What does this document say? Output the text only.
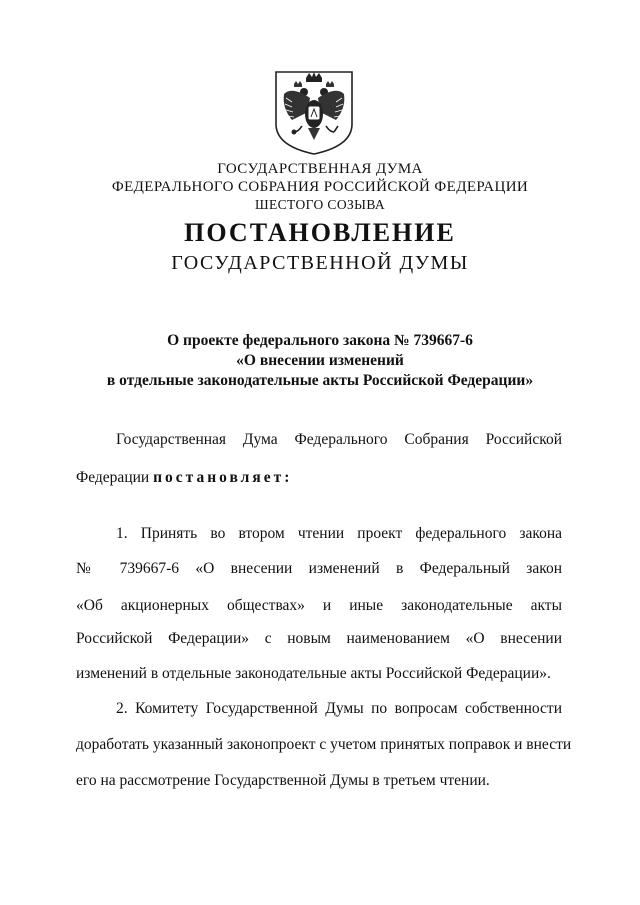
ГОСУДАРСТВЕННАЯ ДУМА
ФЕДЕРАЛЬНОГО СОБРАНИЯ РОССИЙСКОЙ ФЕДЕРАЦИИ
ШЕСТОГО СОЗЫВА
ПОСТАНОВЛЕНИЕ
ГОСУДАРСТВЕННОЙ ДУМЫ
О проекте федерального закона № 739667-6
«О внесении изменений
в отдельные законодательные акты Российской Федерации»
Государственная Дума Федерального Собрания Российской
Федерации постановляет:
1. Принять во втором чтении проект федерального закона
№ 739667-6 «О внесении изменений в Федеральный закон
«Об акционерных обществах» и иные законодательные акты
Российской Федерации» с новым наименованием «О внесении
изменений в отдельные законодательные акты Российской Федерации».
2. Комитету Государственной Думы по вопросам собственности
доработать указанный законопроект с учетом принятых поправок и внести
его на рассмотрение Государственной Думы в третьем чтении.
